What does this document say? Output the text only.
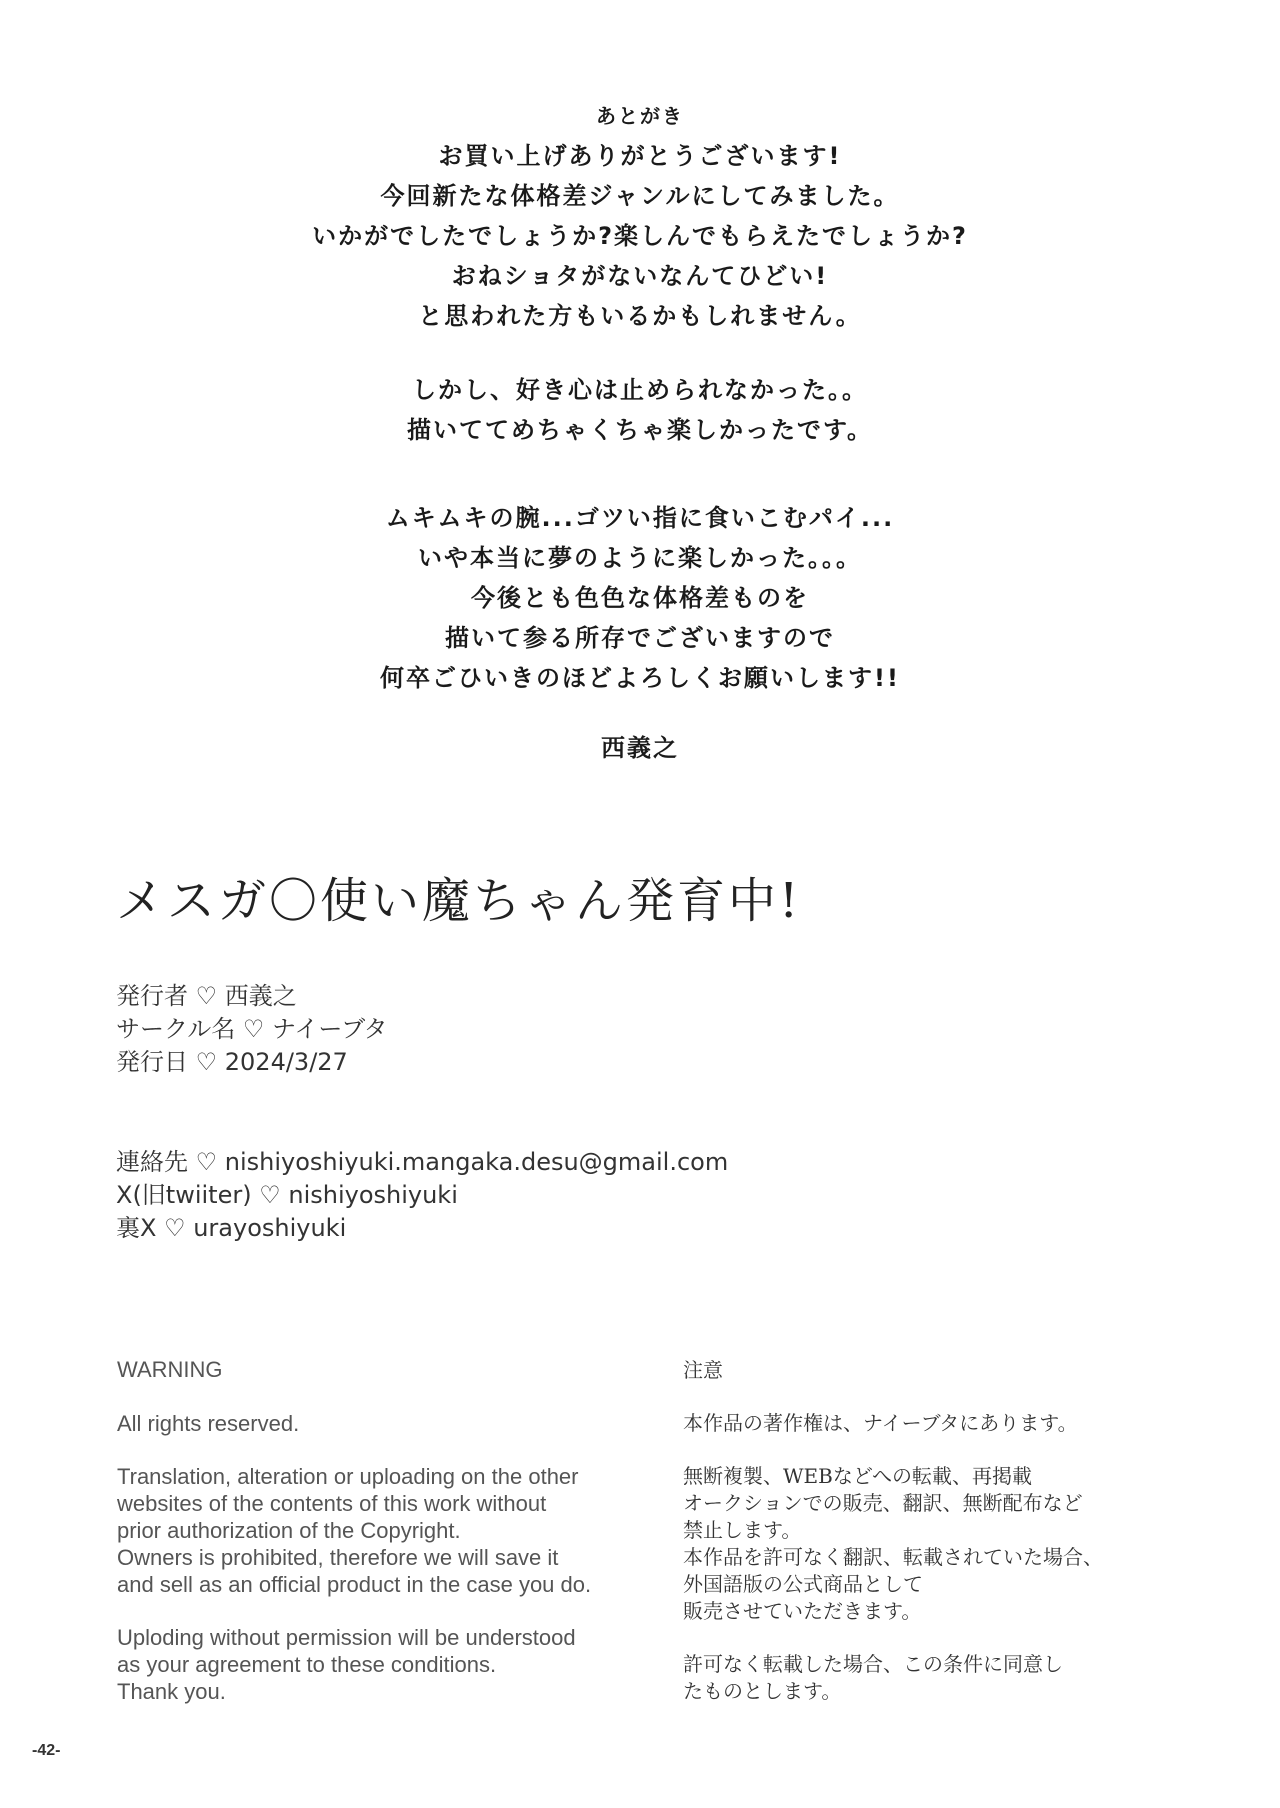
あとがき
お買い上げありがとうございます!
今回新たな体格差ジャンルにしてみました。
いかがでしたでしょうか?楽しんでもらえたでしょうか?
おねショタがないなんてひどい!
と思われた方もいるかもしれません。
しかし、好き心は止められなかった。。
描いててめちゃくちゃ楽しかったです。
ムキムキの腕...ゴツい指に食いこむパイ...
いや本当に夢のように楽しかった。。。
今後とも色色な体格差ものを
描いて参る所存でございますので
何卒ごひいきのほどよろしくお願いします!!
西義之
メスガ〇使い魔ちゃん発育中!
発行者 ♡ 西義之
サークル名 ♡ ナイーブタ
発行日 ♡ 2024/3/27
連絡先 ♡ nishiyoshiyuki.mangaka.desu@gmail.com
X(旧twiiter) ♡ nishiyoshiyuki
裏X ♡ urayoshiyuki
WARNING
All rights reserved.
Translation, alteration or uploading on the other
websites of the contents of this work without
prior authorization of the Copyright.
Owners is prohibited, therefore we will save it
and sell as an official product in the case you do.
Uploding without permission will be understood
as your agreement to these conditions.
Thank you.
注意
本作品の著作権は、ナイーブタにあります。
無断複製、WEBなどへの転載、再掲載
オークションでの販売、翻訳、無断配布など
禁止します。
本作品を許可なく翻訳、転載されていた場合、
外国語版の公式商品として
販売させていただきます。
許可なく転載した場合、この条件に同意し
たものとします。
-42-
